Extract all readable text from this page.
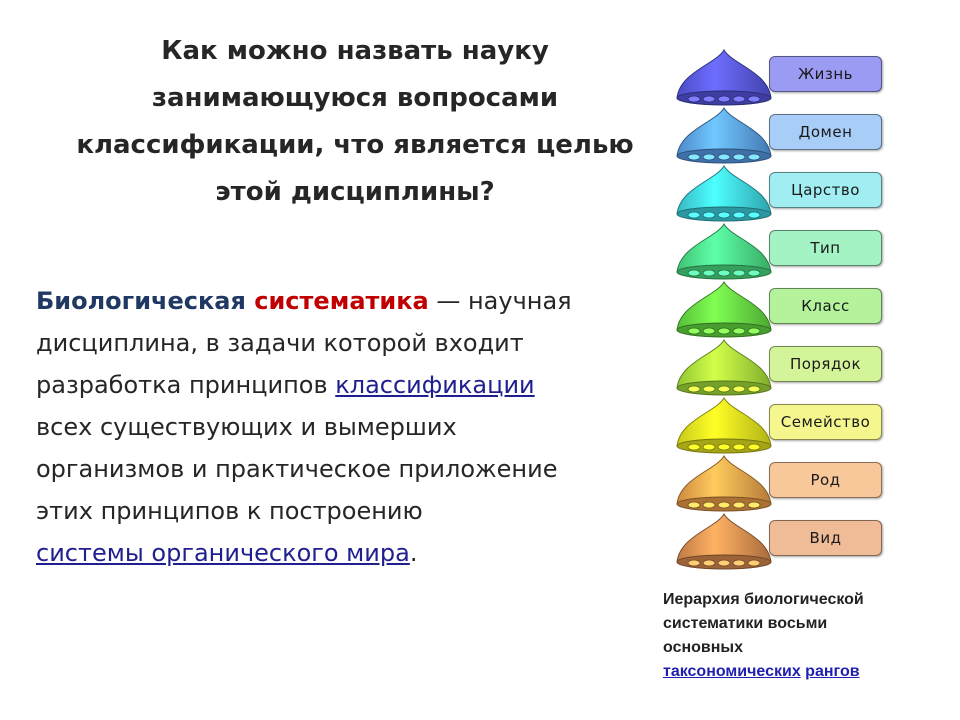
Как можно назвать науку
занимающуюся вопросами
классификации, что является целью
этой дисциплины?
Биологическая систематика — научная
дисциплина, в задачи которой входит
разработка принципов классификации
всех существующих и вымерших
организмов и практическое приложение
этих принципов к построению
системы органического мира.
Жизнь
Домен
Царство
Тип
Класс
Порядок
Семейство
Род
Вид
Иерархия биологической
систематики восьми
основных
таксономических рангов
